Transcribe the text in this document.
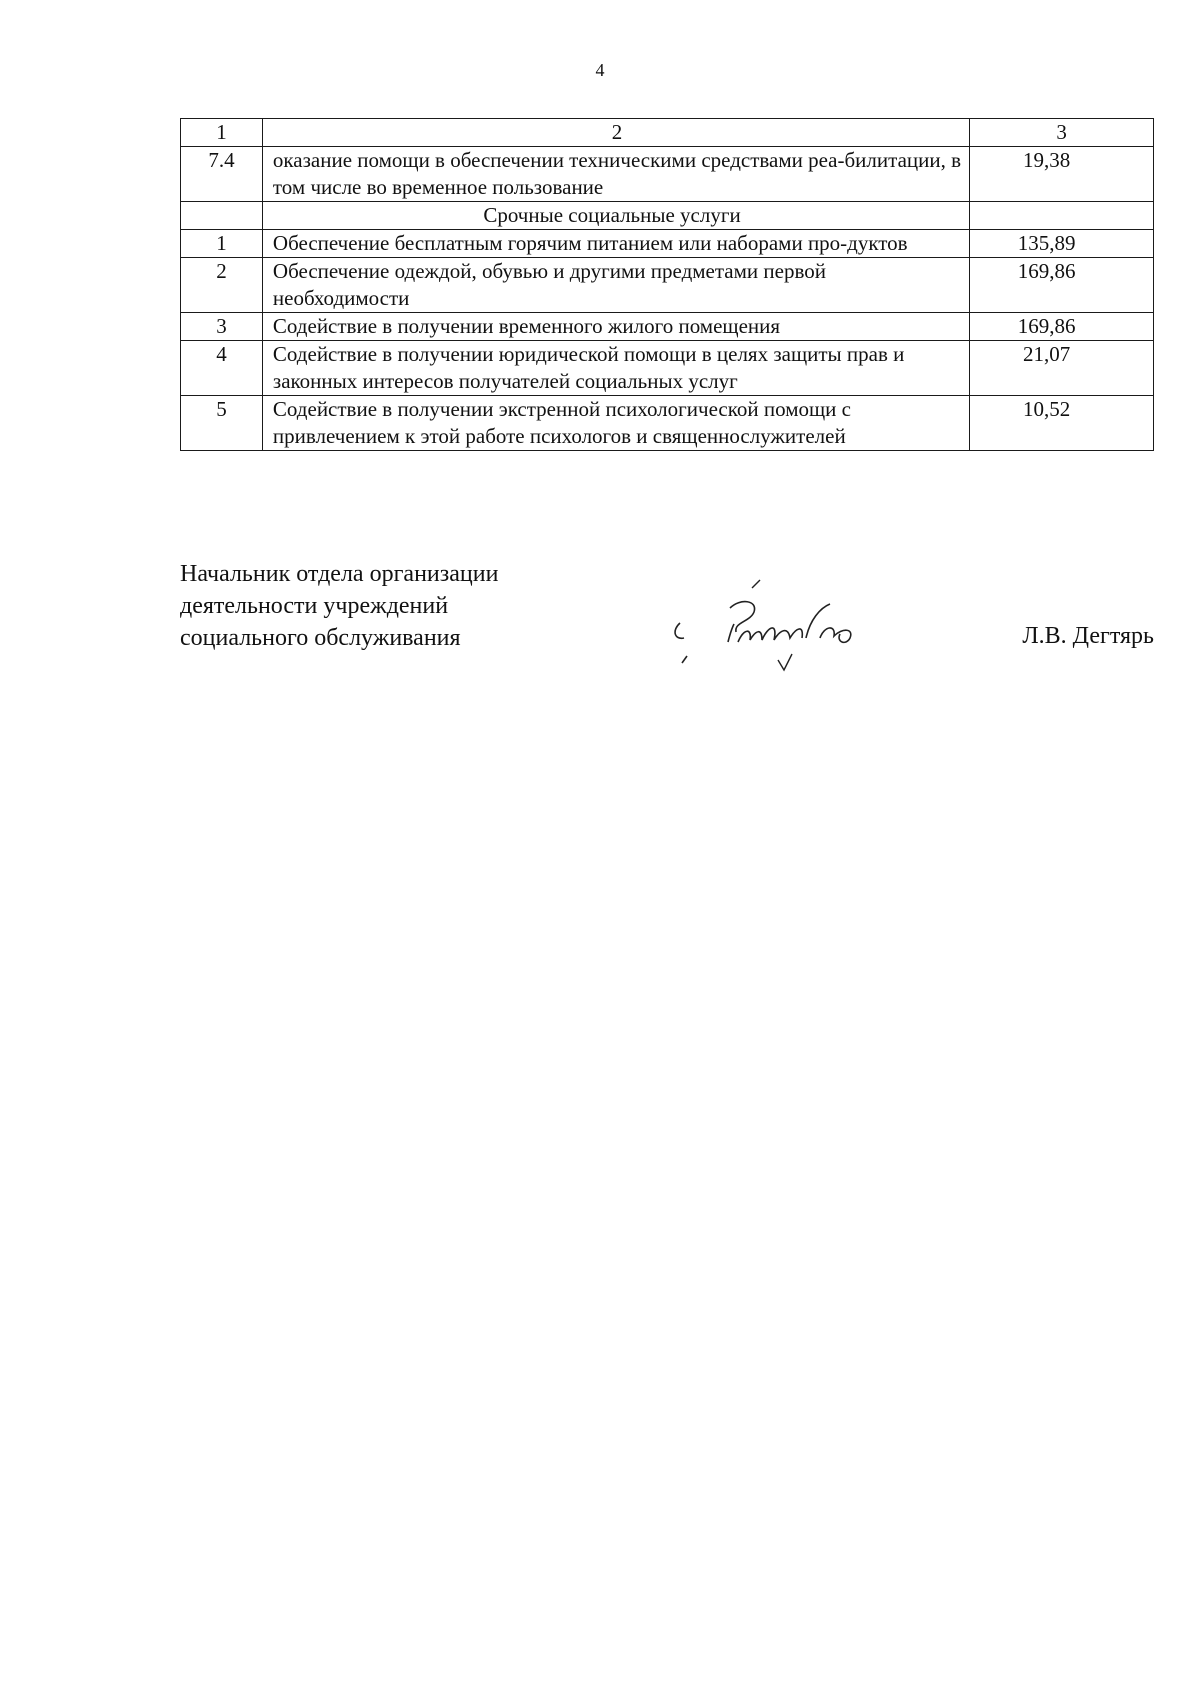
4
1	2	3
7.4	оказание помощи в обеспечении техническими средствами реа-билитации, в том числе во временное пользование	19,38
	Срочные социальные услуги	
1	Обеспечение бесплатным горячим питанием или наборами про-дуктов	135,89
2	Обеспечение одеждой, обувью и другими предметами первой необходимости	169,86
3	Содействие в получении временного жилого помещения	169,86
4	Содействие в получении юридической помощи в целях защиты прав и законных интересов получателей социальных услуг	21,07
5	Содействие в получении экстренной психологической помощи с привлечением к этой работе психологов и священнослужителей	10,52
Начальник отдела организации
деятельности учреждений
социального обслуживания	Л.В. Дегтярь
